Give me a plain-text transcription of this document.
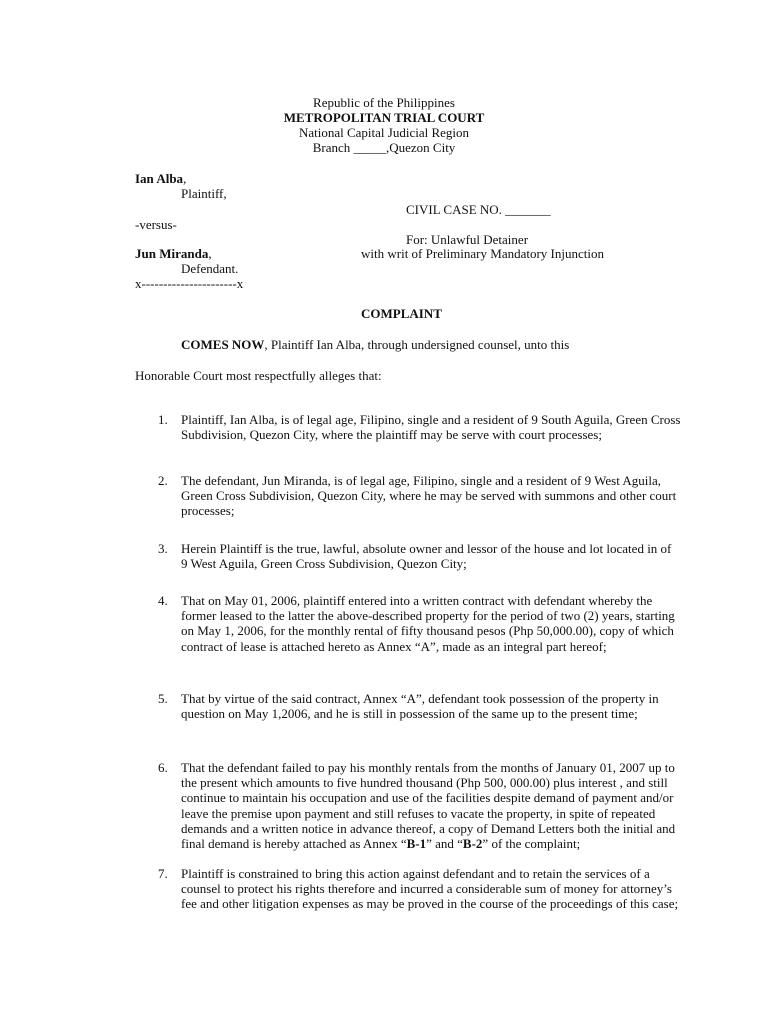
Republic of the Philippines
METROPOLITAN TRIAL COURT
National Capital Judicial Region
Branch _____,Quezon City
Ian Alba,
Plaintiff,
CIVIL CASE NO. _______
-versus-
For: Unlawful Detainer
Jun Miranda,	with writ of Preliminary Mandatory Injunction
Defendant.
x----------------------x
COMPLAINT
COMES NOW, Plaintiff Ian Alba, through undersigned counsel, unto this
Honorable Court most respectfully alleges that:
1. Plaintiff, Ian Alba, is of legal age, Filipino, single and a resident of 9 South Aguila, Green Cross Subdivision, Quezon City, where the plaintiff may be serve with court processes;
2. The defendant, Jun Miranda, is of legal age, Filipino, single and a resident of 9 West Aguila, Green Cross Subdivision, Quezon City, where he may be served with summons and other court processes;
3. Herein Plaintiff is the true, lawful, absolute owner and lessor of the house and lot located in of 9 West Aguila, Green Cross Subdivision, Quezon City;
4. That on May 01, 2006, plaintiff entered into a written contract with defendant whereby the former leased to the latter the above-described property for the period of two (2) years, starting on May 1, 2006, for the monthly rental of fifty thousand pesos (Php 50,000.00), copy of which contract of lease is attached hereto as Annex “A”, made as an integral part hereof;
5. That by virtue of the said contract, Annex “A”, defendant took possession of the property in question on May 1,2006, and he is still in possession of the same up to the present time;
6. That the defendant failed to pay his monthly rentals from the months of January 01, 2007 up to the present which amounts to five hundred thousand (Php 500, 000.00) plus interest , and still continue to maintain his occupation and use of the facilities despite demand of payment and/or leave the premise upon payment and still refuses to vacate the property, in spite of repeated demands and a written notice in advance thereof, a copy of Demand Letters both the initial and final demand is hereby attached as Annex “B-1” and “B-2” of the complaint;
7. Plaintiff is constrained to bring this action against defendant and to retain the services of a counsel to protect his rights therefore and incurred a considerable sum of money for attorney’s fee and other litigation expenses as may be proved in the course of the proceedings of this case;
